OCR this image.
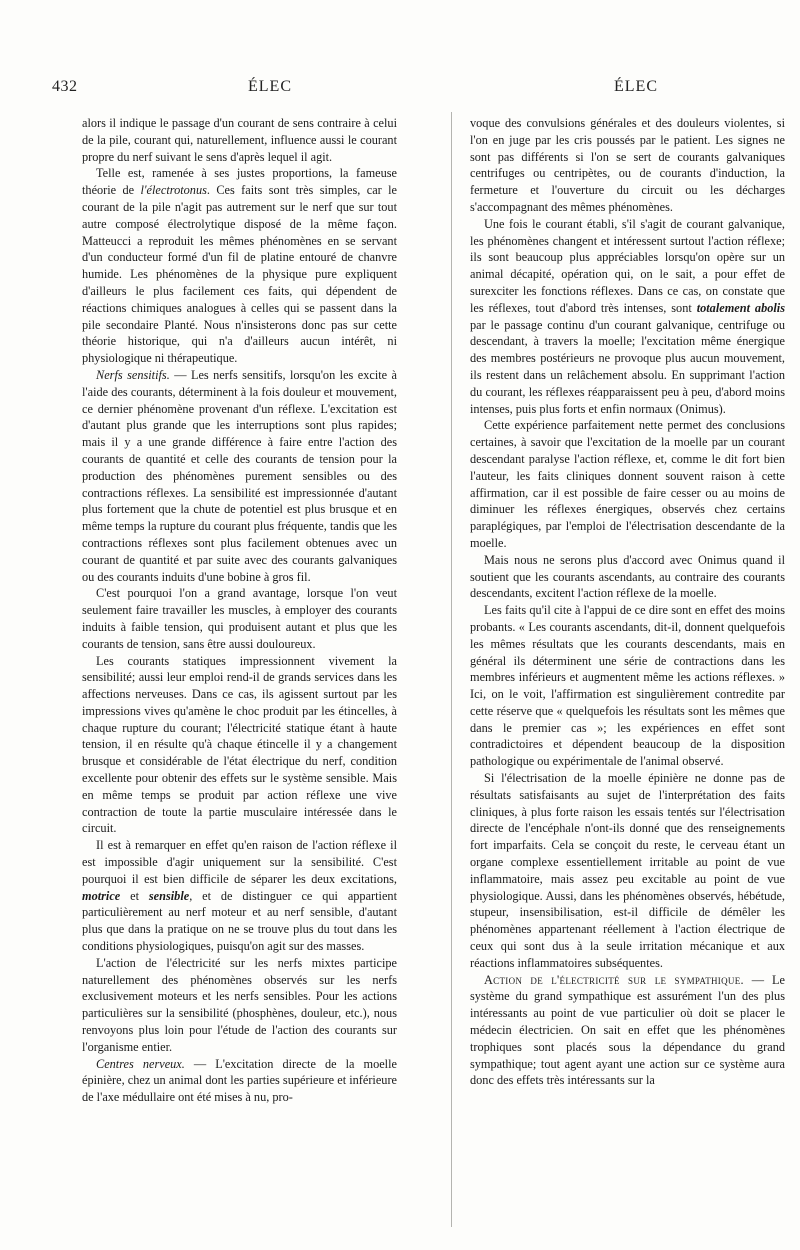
432	ÉLEC	ÉLEC

alors il indique le passage d'un courant de sens contraire à celui de la pile, courant qui, naturellement, influence aussi le courant propre du nerf suivant le sens d'après lequel il agit.

Telle est, ramenée à ses justes proportions, la fameuse théorie de l'électrotonus. Ces faits sont très simples, car le courant de la pile n'agit pas autrement sur le nerf que sur tout autre composé électrolytique disposé de la même façon. Matteucci a reproduit les mêmes phénomènes en se servant d'un conducteur formé d'un fil de platine entouré de chanvre humide. Les phénomènes de la physique pure expliquent d'ailleurs le plus facilement ces faits, qui dépendent de réactions chimiques analogues à celles qui se passent dans la pile secondaire Planté. Nous n'insisterons donc pas sur cette théorie historique, qui n'a d'ailleurs aucun intérêt, ni physiologique ni thérapeutique.

Nerfs sensitifs. — Les nerfs sensitifs, lorsqu'on les excite à l'aide des courants, déterminent à la fois douleur et mouvement, ce dernier phénomène provenant d'un réflexe. L'excitation est d'autant plus grande que les interruptions sont plus rapides; mais il y a une grande différence à faire entre l'action des courants de quantité et celle des courants de tension pour la production des phénomènes purement sensibles ou des contractions réflexes. La sensibilité est impressionnée d'autant plus fortement que la chute de potentiel est plus brusque et en même temps la rupture du courant plus fréquente, tandis que les contractions réflexes sont plus facilement obtenues avec un courant de quantité et par suite avec des courants galvaniques ou des courants induits d'une bobine à gros fil.

C'est pourquoi l'on a grand avantage, lorsque l'on veut seulement faire travailler les muscles, à employer des courants induits à faible tension, qui produisent autant et plus que les courants de tension, sans être aussi douloureux.

Les courants statiques impressionnent vivement la sensibilité; aussi leur emploi rend-il de grands services dans les affections nerveuses. Dans ce cas, ils agissent surtout par les impressions vives qu'amène le choc produit par les étincelles, à chaque rupture du courant; l'électricité statique étant à haute tension, il en résulte qu'à chaque étincelle il y a changement brusque et considérable de l'état électrique du nerf, condition excellente pour obtenir des effets sur le système sensible. Mais en même temps se produit par action réflexe une vive contraction de toute la partie musculaire intéressée dans le circuit.

Il est à remarquer en effet qu'en raison de l'action réflexe il est impossible d'agir uniquement sur la sensibilité. C'est pourquoi il est bien difficile de séparer les deux excitations, motrice et sensible, et de distinguer ce qui appartient particulièrement au nerf moteur et au nerf sensible, d'autant plus que dans la pratique on ne se trouve plus du tout dans les conditions physiologiques, puisqu'on agit sur des masses.

L'action de l'électricité sur les nerfs mixtes participe naturellement des phénomènes observés sur les nerfs exclusivement moteurs et les nerfs sensibles. Pour les actions particulières sur la sensibilité (phosphènes, douleur, etc.), nous renvoyons plus loin pour l'étude de l'action des courants sur l'organisme entier.

Centres nerveux. — L'excitation directe de la moelle épinière, chez un animal dont les parties supérieure et inférieure de l'axe médullaire ont été mises à nu, pro-

voque des convulsions générales et des douleurs violentes, si l'on en juge par les cris poussés par le patient. Les signes ne sont pas différents si l'on se sert de courants galvaniques centrifuges ou centripètes, ou de courants d'induction, la fermeture et l'ouverture du circuit ou les décharges s'accompagnant des mêmes phénomènes.

Une fois le courant établi, s'il s'agit de courant galvanique, les phénomènes changent et intéressent surtout l'action réflexe; ils sont beaucoup plus appréciables lorsqu'on opère sur un animal décapité, opération qui, on le sait, a pour effet de surexciter les fonctions réflexes. Dans ce cas, on constate que les réflexes, tout d'abord très intenses, sont totalement abolis par le passage continu d'un courant galvanique, centrifuge ou descendant, à travers la moelle; l'excitation même énergique des membres postérieurs ne provoque plus aucun mouvement, ils restent dans un relâchement absolu. En supprimant l'action du courant, les réflexes réapparaissent peu à peu, d'abord moins intenses, puis plus forts et enfin normaux (Onimus).

Cette expérience parfaitement nette permet des conclusions certaines, à savoir que l'excitation de la moelle par un courant descendant paralyse l'action réflexe, et, comme le dit fort bien l'auteur, les faits cliniques donnent souvent raison à cette affirmation, car il est possible de faire cesser ou au moins de diminuer les réflexes énergiques, observés chez certains paraplégiques, par l'emploi de l'électrisation descendante de la moelle.

Mais nous ne serons plus d'accord avec Onimus quand il soutient que les courants ascendants, au contraire des courants descendants, excitent l'action réflexe de la moelle.

Les faits qu'il cite à l'appui de ce dire sont en effet des moins probants. « Les courants ascendants, dit-il, donnent quelquefois les mêmes résultats que les courants descendants, mais en général ils déterminent une série de contractions dans les membres inférieurs et augmentent même les actions réflexes. » Ici, on le voit, l'affirmation est singulièrement contredite par cette réserve que « quelquefois les résultats sont les mêmes que dans le premier cas »; les expériences en effet sont contradictoires et dépendent beaucoup de la disposition pathologique ou expérimentale de l'animal observé.

Si l'électrisation de la moelle épinière ne donne pas de résultats satisfaisants au sujet de l'interprétation des faits cliniques, à plus forte raison les essais tentés sur l'électrisation directe de l'encéphale n'ont-ils donné que des renseignements fort imparfaits. Cela se conçoit du reste, le cerveau étant un organe complexe essentiellement irritable au point de vue inflammatoire, mais assez peu excitable au point de vue physiologique. Aussi, dans les phénomènes observés, hébétude, stupeur, insensibilisation, est-il difficile de démêler les phénomènes appartenant réellement à l'action électrique de ceux qui sont dus à la seule irritation mécanique et aux réactions inflammatoires subséquentes.

Action de l'électricité sur le sympathique. — Le système du grand sympathique est assurément l'un des plus intéressants au point de vue particulier où doit se placer le médecin électricien. On sait en effet que les phénomènes trophiques sont placés sous la dépendance du grand sympathique; tout agent ayant une action sur ce système aura donc des effets très intéressants sur la
